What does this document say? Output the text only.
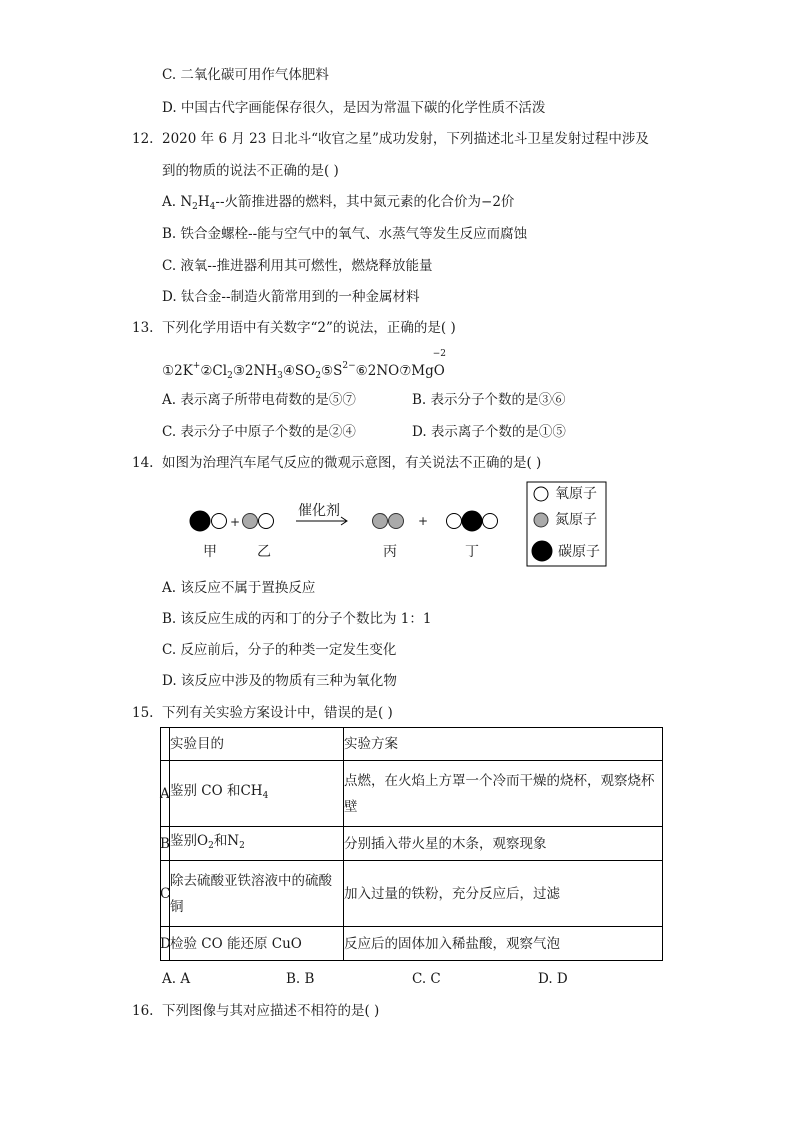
C. 二氧化碳可用作气体肥料
D. 中国古代字画能保存很久，是因为常温下碳的化学性质不活泼
12. 2020 年 6 月 23 日北斗“收官之星”成功发射，下列描述北斗卫星发射过程中涉及
到的物质的说法不正确的是( )
A. $N_2H_4--$火箭推进器的燃料，其中氮元素的化合价为−2价
B. 铁合金螺栓--能与空气中的氧气、水蒸气等发生反应而腐蚀
C. 液氧--推进器利用其可燃性，燃烧释放能量
D. 钛合金--制造火箭常用到的一种金属材料
13. 下列化学用语中有关数字“2”的说法，正确的是( )
$①2K^+②Cl_2③2NH_3④SO_2⑤S^{2-}⑥2NO⑦Mg$
−2
O
A. 表示离子所带电荷数的是⑤⑦	B. 表示分子个数的是③⑥
C. 表示分子中原子个数的是②④	D. 表示离子个数的是①⑤
14. 如图为治理汽车尾气反应的微观示意图，有关说法不正确的是( )
催化剂
+	+
甲	乙	丙	丁
氧原子
氮原子
碳原子
A. 该反应不属于置换反应
B. 该反应生成的丙和丁的分子个数比为 1：1
C. 反应前后，分子的种类一定发生变化
D. 该反应中涉及的物质有三种为氧化物
15. 下列有关实验方案设计中，错误的是( )
	实验目的	实验方案
A	鉴别 CO 和$CH_4$	点燃，在火焰上方罩一个冷而干燥的烧杯，观察烧杯壁
B	鉴别$O_2$和$N_2$	分别插入带火星的木条，观察现象
C	除去硫酸亚铁溶液中的硫酸铜	加入过量的铁粉，充分反应后，过滤
D	检验 CO 能还原 CuO	反应后的固体加入稀盐酸，观察气泡
A. A	B. B	C. C	D. D
16. 下列图像与其对应描述不相符的是( )
